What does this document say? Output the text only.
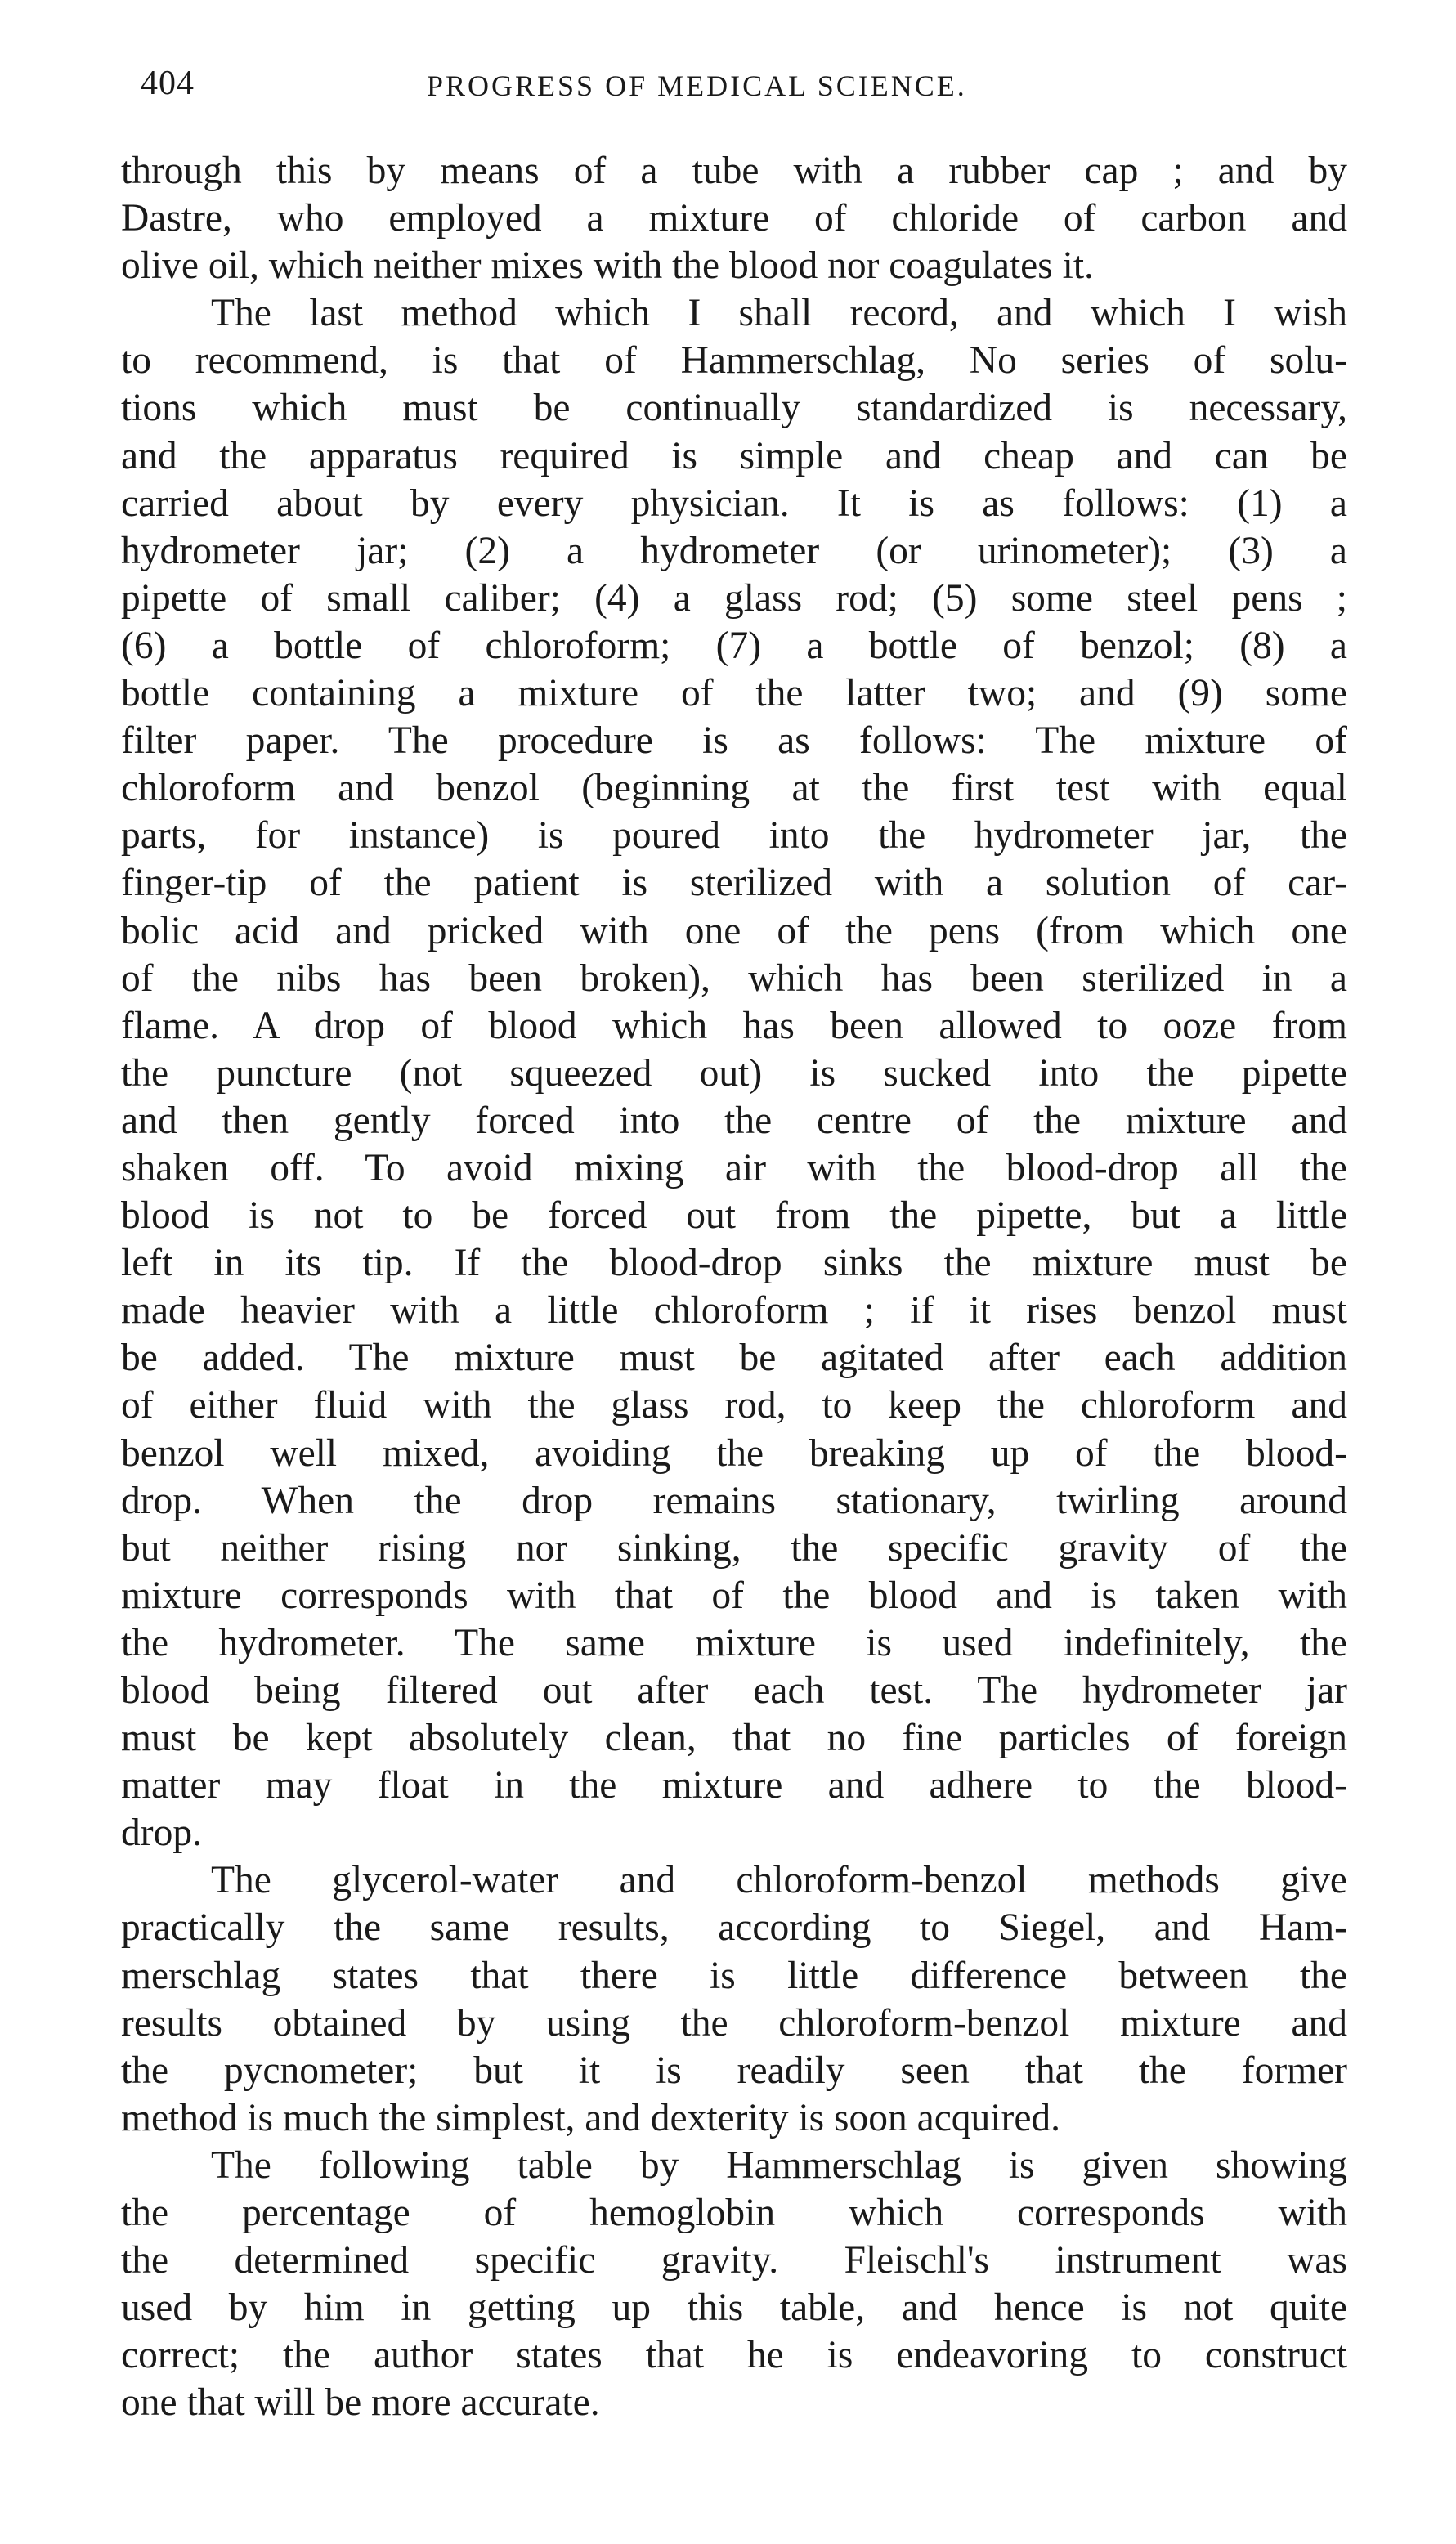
404	PROGRESS OF MEDICAL SCIENCE.
through this by means of a tube with a rubber cap ; and by
Dastre, who employed a mixture of chloride of carbon and
olive oil, which neither mixes with the blood nor coagulates it.
The last method which I shall record, and which I wish
to recommend, is that of Hammerschlag, No series of solu-
tions which must be continually standardized is necessary,
and the apparatus required is simple and cheap and can be
carried about by every physician. It is as follows: (1) a
hydrometer jar; (2) a hydrometer (or urinometer); (3) a
pipette of small caliber; (4) a glass rod; (5) some steel pens ;
(6) a bottle of chloroform; (7) a bottle of benzol; (8) a
bottle containing a mixture of the latter two; and (9) some
filter paper. The procedure is as follows: The mixture of
chloroform and benzol (beginning at the first test with equal
parts, for instance) is poured into the hydrometer jar, the
finger-tip of the patient is sterilized with a solution of car-
bolic acid and pricked with one of the pens (from which one
of the nibs has been broken), which has been sterilized in a
flame. A drop of blood which has been allowed to ooze from
the puncture (not squeezed out) is sucked into the pipette
and then gently forced into the centre of the mixture and
shaken off. To avoid mixing air with the blood-drop all the
blood is not to be forced out from the pipette, but a little
left in its tip. If the blood-drop sinks the mixture must be
made heavier with a little chloroform ; if it rises benzol must
be added. The mixture must be agitated after each addition
of either fluid with the glass rod, to keep the chloroform and
benzol well mixed, avoiding the breaking up of the blood-
drop. When the drop remains stationary, twirling around
but neither rising nor sinking, the specific gravity of the
mixture corresponds with that of the blood and is taken with
the hydrometer. The same mixture is used indefinitely, the
blood being filtered out after each test. The hydrometer jar
must be kept absolutely clean, that no fine particles of foreign
matter may float in the mixture and adhere to the blood-
drop.
The glycerol-water and chloroform-benzol methods give
practically the same results, according to Siegel, and Ham-
merschlag states that there is little difference between the
results obtained by using the chloroform-benzol mixture and
the pycnometer; but it is readily seen that the former
method is much the simplest, and dexterity is soon acquired.
The following table by Hammerschlag is given showing
the percentage of hemoglobin which corresponds with
the determined specific gravity. Fleischl's instrument was
used by him in getting up this table, and hence is not quite
correct; the author states that he is endeavoring to construct
one that will be more accurate.
